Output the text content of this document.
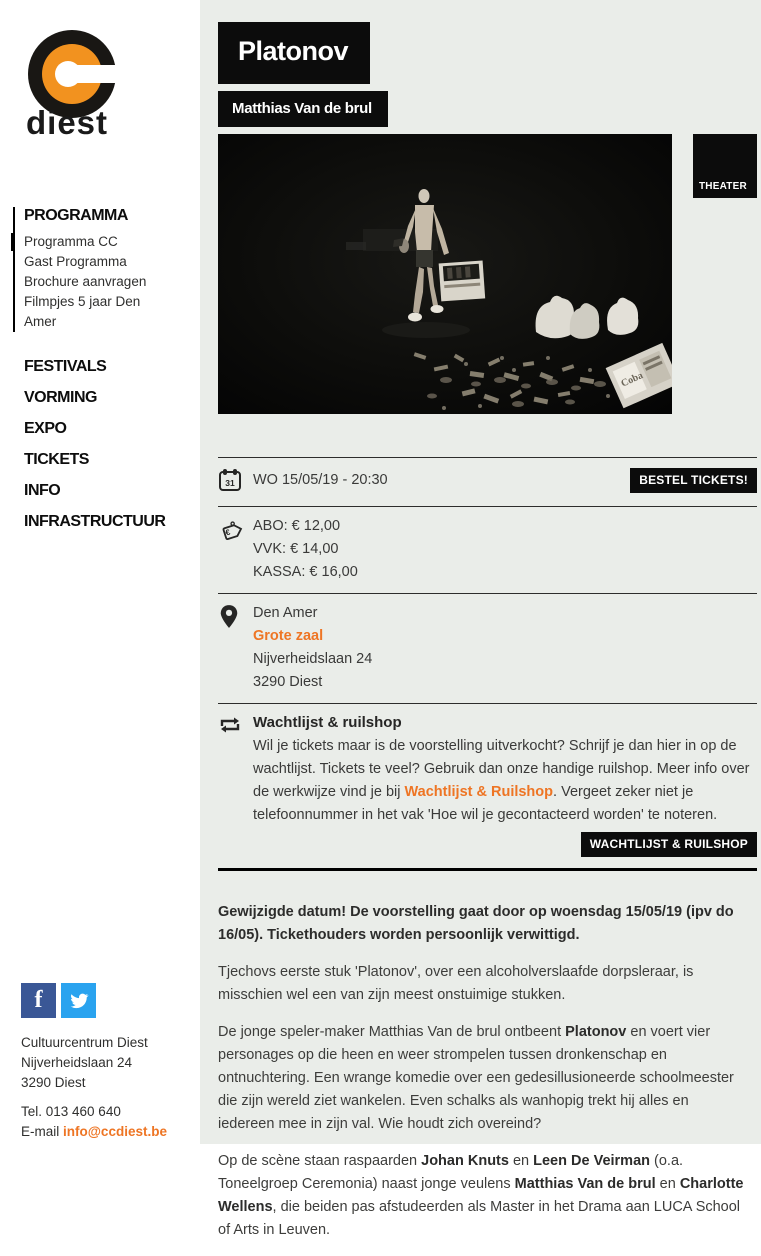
diest
PROGRAMMA
Programma CC
Gast Programma
Brochure aanvragen
Filmpjes 5 jaar Den Amer
FESTIVALS
VORMING
EXPO
TICKETS
INFO
INFRASTRUCTUUR
f
Cultuurcentrum Diest
Nijverheidslaan 24
3290 Diest
Tel. 013 460 640
E-mail info@ccdiest.be
Platonov
Matthias Van de brul
Coba
THEATER
31 WO 15/05/19 - 20:30	BESTEL TICKETS!
€ ABO: € 12,00
VVK: € 14,00
KASSA: € 16,00
Den Amer
Grote zaal
Nijverheidslaan 24
3290 Diest
Wachtlijst & ruilshop
Wil je tickets maar is de voorstelling uitverkocht? Schrijf je dan hier in op de wachtlijst. Tickets te veel? Gebruik dan onze handige ruilshop. Meer info over de werkwijze vind je bij Wachtlijst & Ruilshop. Vergeet zeker niet je telefoonnummer in het vak 'Hoe wil je gecontacteerd worden' te noteren.
WACHTLIJST & RUILSHOP

Gewijzigde datum! De voorstelling gaat door op woensdag 15/05/19 (ipv do 16/05). Tickethouders worden persoonlijk verwittigd.

Tjechovs eerste stuk 'Platonov', over een alcoholverslaafde dorpsleraar, is misschien wel een van zijn meest onstuimige stukken.

De jonge speler-maker Matthias Van de brul ontbeent Platonov en voert vier personages op die heen en weer strompelen tussen dronkenschap en ontnuchtering. Een wrange komedie over een gedesillusioneerde schoolmeester die zijn wereld ziet wankelen. Even schalks als wanhopig trekt hij alles en iedereen mee in zijn val. Wie houdt zich overeind?

Op de scène staan raspaarden Johan Knuts en Leen De Veirman (o.a. Toneelgroep Ceremonia) naast jonge veulens Matthias Van de brul en Charlotte Wellens, die beiden pas afstudeerden als Master in het Drama aan LUCA School of Arts in Leuven.
